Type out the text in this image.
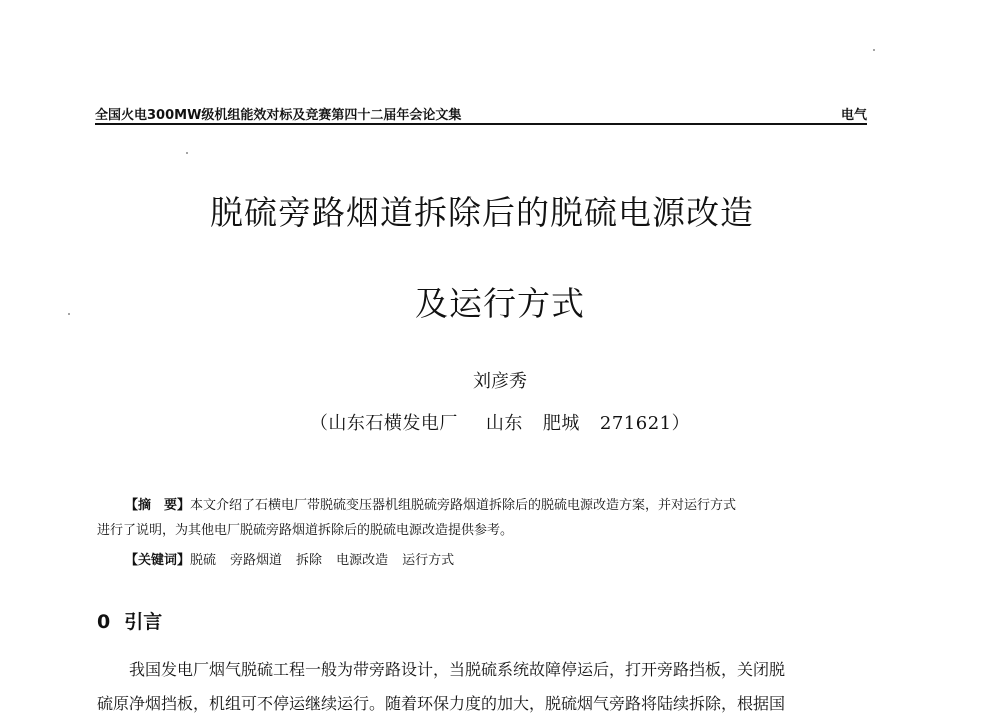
全国火电300MW级机组能效对标及竞赛第四十二届年会论文集	电气
脱硫旁路烟道拆除后的脱硫电源改造
及运行方式
刘彦秀
（山东石横发电厂 山东 肥城 271621）
【摘　要】本文介绍了石横电厂带脱硫变压器机组脱硫旁路烟道拆除后的脱硫电源改造方案，并对运行方式
进行了说明，为其他电厂脱硫旁路烟道拆除后的脱硫电源改造提供参考。
【关键词】脱硫 旁路烟道 拆除 电源改造 运行方式
0 引言
我国发电厂烟气脱硫工程一般为带旁路设计，当脱硫系统故障停运后，打开旁路挡板，关闭脱
硫原净烟挡板，机组可不停运继续运行。随着环保力度的加大，脱硫烟气旁路将陆续拆除，根据国
